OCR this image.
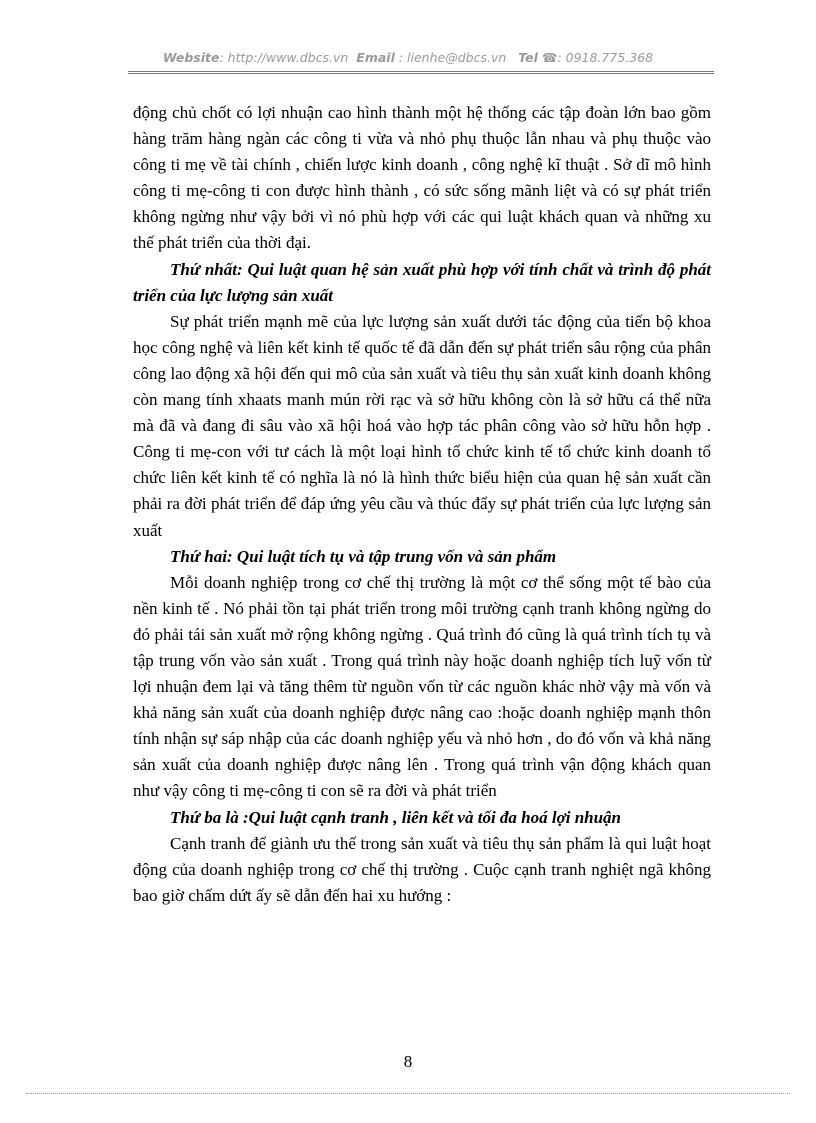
Website: http://www.dbcs.vn Email : lienhe@dbcs.vn Tel ☎: 0918.775.368

động chủ chốt có lợi nhuận cao hình thành một hệ thống các tập đoàn lớn bao gồm hàng trăm hàng ngàn các công ti vừa và nhỏ phụ thuộc lẫn nhau và phụ thuộc vào công ti mẹ về tài chính , chiến lược kinh doanh , công nghệ kĩ thuật . Sở dĩ mô hình công ti mẹ-công ti con được hình thành , có sức sống mãnh liệt và có sự phát triển không ngừng như vậy bởi vì nó phù hợp với các qui luật khách quan và những xu thế phát triển của thời đại.

Thứ nhất: Qui luật quan hệ sản xuất phù hợp với tính chất và trình độ phát triển của lực lượng sản xuất

Sự phát triển mạnh mẽ của lực lượng sản xuất dưới tác động của tiến bộ khoa học công nghệ và liên kết kinh tế quốc tế đã dẫn đến sự phát triển sâu rộng của phân công lao động xã hội đến qui mô của sản xuất và tiêu thụ sản xuất kinh doanh không còn mang tính xhaats manh mún rời rạc và sở hữu không còn là sở hữu cá thể nữa mà đã và đang đi sâu vào xã hội hoá vào hợp tác phân công vào sở hữu hỗn hợp . Công ti mẹ-con với tư cách là một loại hình tổ chức kinh tế tổ chức kinh doanh tổ chức liên kết kinh tế có nghĩa là nó là hình thức biểu hiện của quan hệ sản xuất cần phải ra đời phát triển để đáp ứng yêu cầu và thúc đẩy sự phát triển của lực lượng sản xuất

Thứ hai: Qui luật tích tụ và tập trung vốn và sản phẩm

Mỗi doanh nghiệp trong cơ chế thị trường là một cơ thể sống một tế bào của nền kinh tế . Nó phải tồn tại phát triển trong môi trường cạnh tranh không ngừng do đó phải tái sản xuất mở rộng không ngừng . Quá trình đó cũng là quá trình tích tụ và tập trung vốn vào sản xuất . Trong quá trình này hoặc doanh nghiệp tích luỹ vốn từ lợi nhuận đem lại và tăng thêm từ nguồn vốn từ các nguồn khác nhờ vậy mà vốn và khả năng sản xuất của doanh nghiệp được nâng cao :hoặc doanh nghiệp mạnh thôn tính nhận sự sáp nhập của các doanh nghiệp yếu và nhỏ hơn , do đó vốn và khả năng sản xuất của doanh nghiệp được nâng lên . Trong quá trình vận động khách quan như vậy công ti mẹ-công ti con sẽ ra đời và phát triển

Thứ ba là :Qui luật cạnh tranh , liên kết và tối đa hoá lợi nhuận

Cạnh tranh để giành ưu thế trong sản xuất và tiêu thụ sản phẩm là qui luật hoạt động của doanh nghiệp trong cơ chế thị trường . Cuộc cạnh tranh nghiệt ngã không bao giờ chấm dứt ấy sẽ dẫn đến hai xu hướng :

8
